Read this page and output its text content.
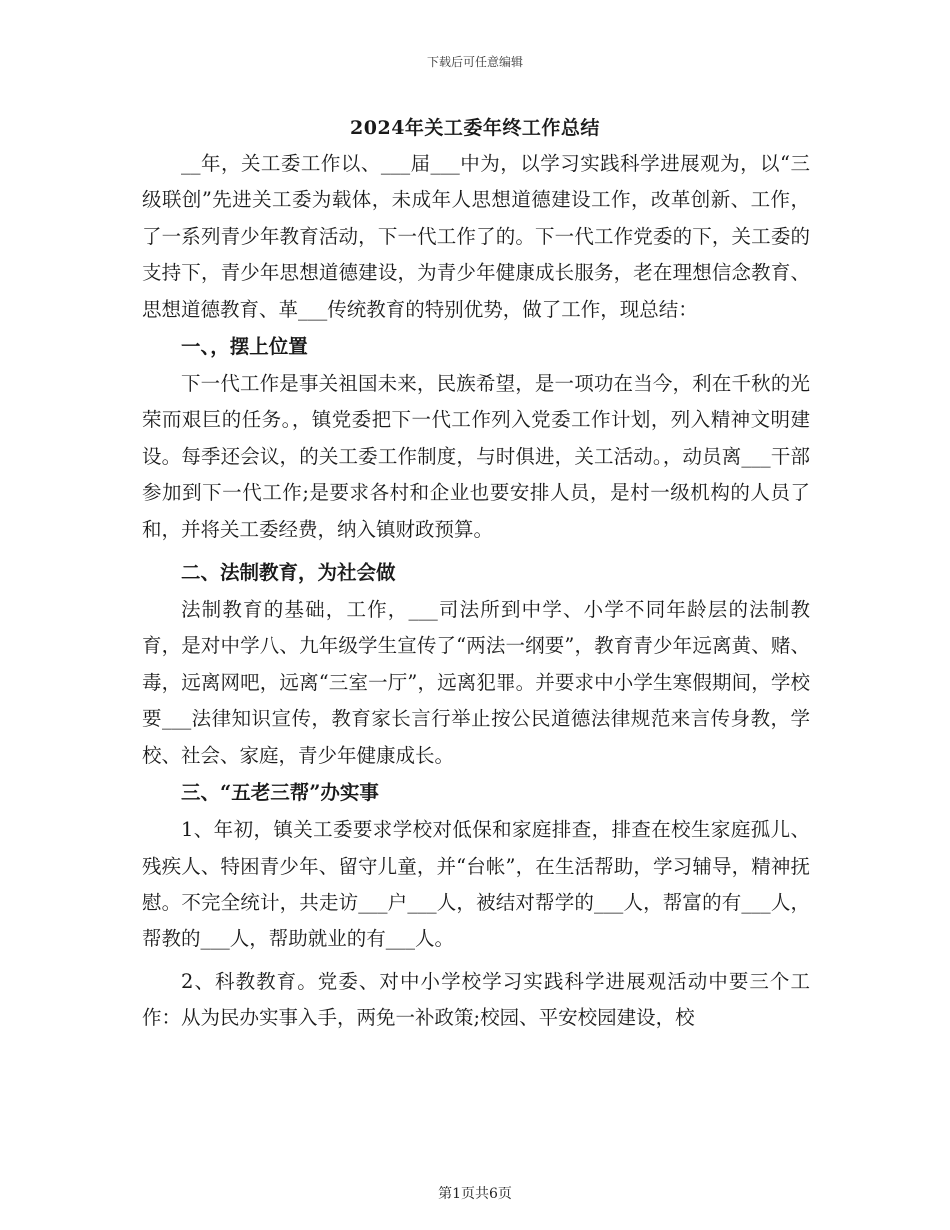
下载后可任意编辑
2024年关工委年终工作总结

__年，关工委工作以、___届___中为，以学习实践科学进展观为，以“三级联创”先进关工委为载体，未成年人思想道德建设工作，改革创新、工作，了一系列青少年教育活动，下一代工作了的。下一代工作党委的下，关工委的支持下，青少年思想道德建设，为青少年健康成长服务，老在理想信念教育、思想道德教育、革___传统教育的特别优势，做了工作，现总结：

一、，摆上位置

下一代工作是事关祖国未来，民族希望，是一项功在当今，利在千秋的光荣而艰巨的任务。，镇党委把下一代工作列入党委工作计划，列入精神文明建设。每季还会议，的关工委工作制度，与时俱进，关工活动。，动员离___干部参加到下一代工作;是要求各村和企业也要安排人员，是村一级机构的人员了和，并将关工委经费，纳入镇财政预算。

二、法制教育，为社会做

法制教育的基础，工作，___司法所到中学、小学不同年龄层的法制教育，是对中学八、九年级学生宣传了“两法一纲要”，教育青少年远离黄、赌、毒，远离网吧，远离“三室一厅”，远离犯罪。并要求中小学生寒假期间，学校要___法律知识宣传，教育家长言行举止按公民道德法律规范来言传身教，学校、社会、家庭，青少年健康成长。

三、“五老三帮”办实事

1、年初，镇关工委要求学校对低保和家庭排查，排查在校生家庭孤儿、残疾人、特困青少年、留守儿童，并“台帐”，在生活帮助，学习辅导，精神抚慰。不完全统计，共走访___户___人，被结对帮学的___人，帮富的有___人，帮教的___人，帮助就业的有___人。

2、科教教育。党委、对中小学校学习实践科学进展观活动中要三个工作：从为民办实事入手，两免一补政策;校园、平安校园建设，校

第1页共6页
